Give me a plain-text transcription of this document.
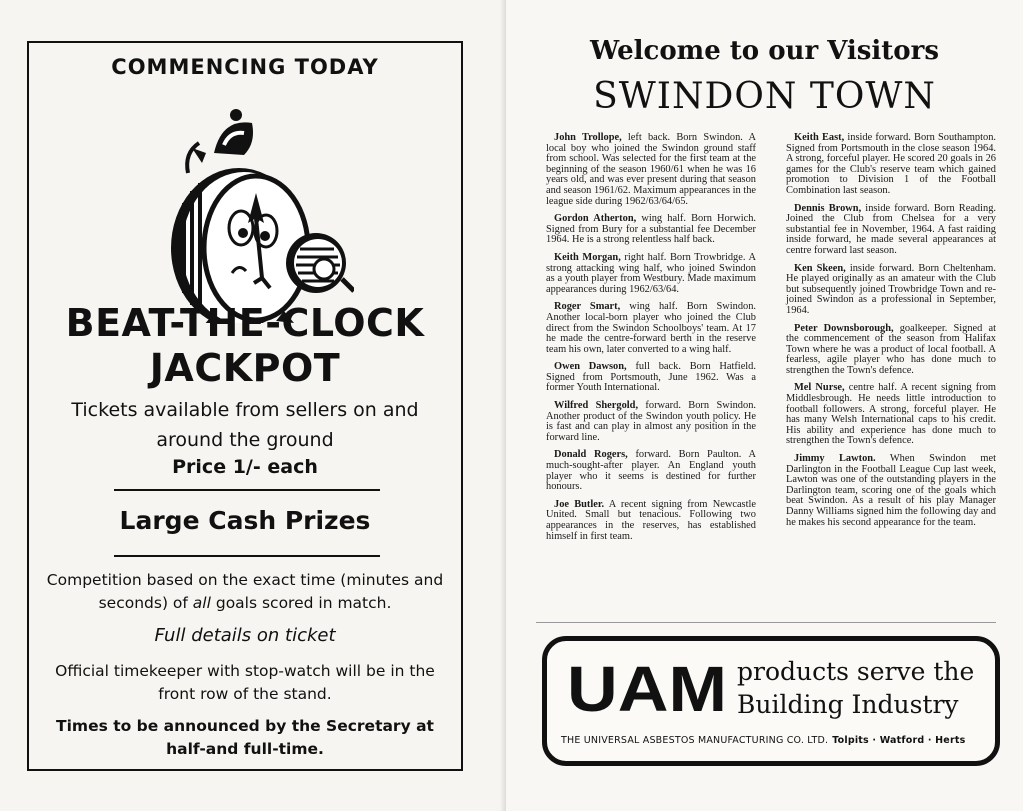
COMMENCING TODAY
BEAT-THE-CLOCK
JACKPOT
Tickets available from sellers on and around the ground
Price 1/- each
Large Cash Prizes
Competition based on the exact time (minutes and seconds) of all goals scored in match.
Full details on ticket
Official timekeeper with stop-watch will be in the front row of the stand.
Times to be announced by the Secretary at half-and full-time.
Welcome to our Visitors
SWINDON TOWN

John Trollope, left back. Born Swindon. A local boy who joined the Swindon ground staff from school. Was selected for the first team at the beginning of the season 1960/61 when he was 16 years old, and was ever present during that season and season 1961/62. Maximum appearances in the league side during 1962/63/64/65.

Gordon Atherton, wing half. Born Horwich. Signed from Bury for a substantial fee December 1964. He is a strong relentless half back.

Keith Morgan, right half. Born Trowbridge. A strong attacking wing half, who joined Swindon as a youth player from Westbury. Made maximum appearances during 1962/63/64.

Roger Smart, wing half. Born Swindon. Another local-born player who joined the Club direct from the Swindon Schoolboys' team. At 17 he made the centre-forward berth in the reserve team his own, later converted to a wing half.

Owen Dawson, full back. Born Hatfield. Signed from Portsmouth, June 1962. Was a former Youth International.

Wilfred Shergold, forward. Born Swindon. Another product of the Swindon youth policy. He is fast and can play in almost any position in the forward line.

Donald Rogers, forward. Born Paulton. A much-sought-after player. An England youth player who it seems is destined for further honours.

Joe Butler. A recent signing from Newcastle United. Small but tenacious. Following two appearances in the reserves, has established himself in first team.

Keith East, inside forward. Born Southampton. Signed from Portsmouth in the close season 1964. A strong, forceful player. He scored 20 goals in 26 games for the Club's reserve team which gained promotion to Division 1 of the Football Combination last season.

Dennis Brown, inside forward. Born Reading. Joined the Club from Chelsea for a very substantial fee in November, 1964. A fast raiding inside forward, he made several appearances at centre forward last season.

Ken Skeen, inside forward. Born Cheltenham. He played originally as an amateur with the Club but subsequently joined Trowbridge Town and re-joined Swindon as a professional in September, 1964.

Peter Downsborough, goalkeeper. Signed at the commencement of the season from Halifax Town where he was a product of local football. A fearless, agile player who has done much to strengthen the Town's defence.

Mel Nurse, centre half. A recent signing from Middlesbrough. He needs little introduction to football followers. A strong, forceful player. He has many Welsh International caps to his credit. His ability and experience has done much to strengthen the Town's defence.

Jimmy Lawton. When Swindon met Darlington in the Football League Cup last week, Lawton was one of the outstanding players in the Darlington team, scoring one of the goals which beat Swindon. As a result of his play Manager Danny Williams signed him the following day and he makes his second appearance for the team.

UAM products serve the
Building Industry
THE UNIVERSAL ASBESTOS MANUFACTURING CO. LTD. Tolpits · Watford · Herts
